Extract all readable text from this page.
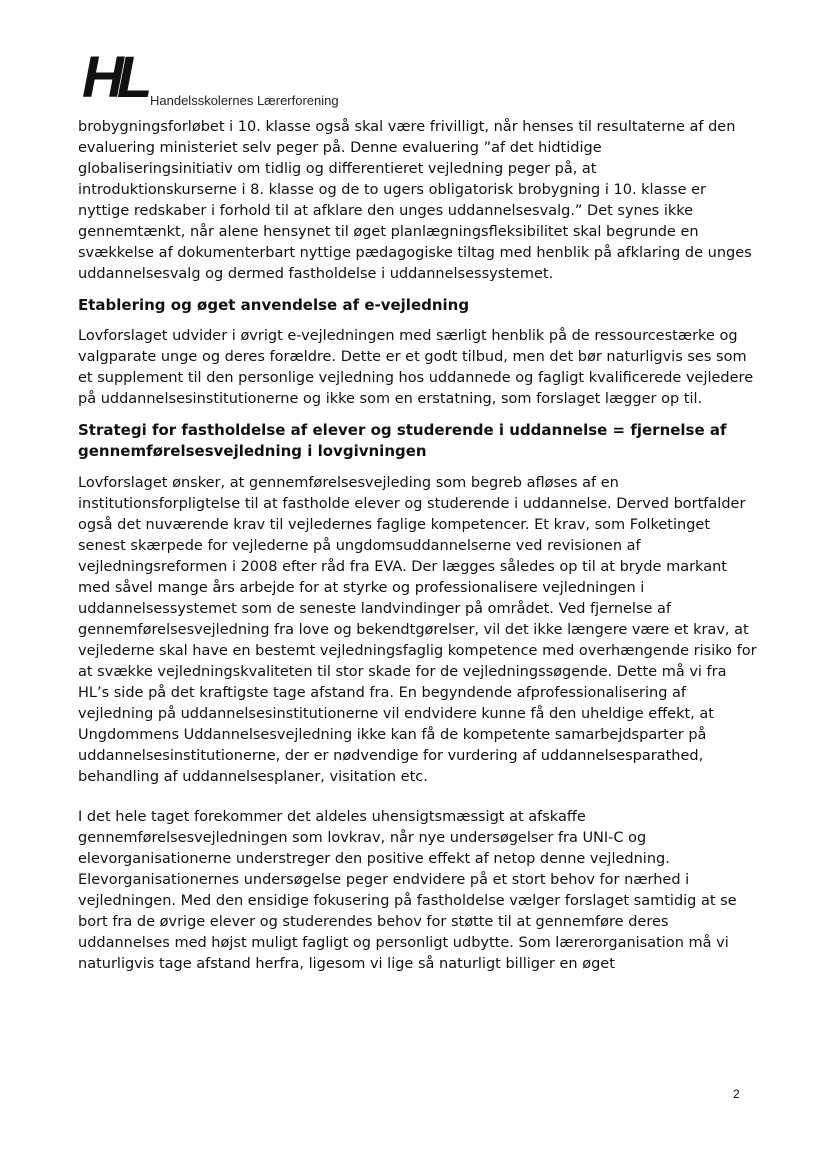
HL Handelsskolernes Lærerforening

brobygningsforløbet i 10. klasse også skal være frivilligt, når henses til resultaterne af den evaluering ministeriet selv peger på. Denne evaluering ”af det hidtidige globaliseringsinitiativ om tidlig og differentieret vejledning peger på, at introduktionskurserne i 8. klasse og de to ugers obligatorisk brobygning i 10. klasse er nyttige redskaber i forhold til at afklare den unges uddannelsesvalg.” Det synes ikke gennemtænkt, når alene hensynet til øget planlægningsfleksibilitet skal begrunde en svækkelse af dokumenterbart nyttige pædagogiske tiltag med henblik på afklaring de unges uddannelsesvalg og dermed fastholdelse i uddannelsessystemet.

Etablering og øget anvendelse af e-vejledning

Lovforslaget udvider i øvrigt e-vejledningen med særligt henblik på de ressourcestærke og valgparate unge og deres forældre. Dette er et godt tilbud, men det bør naturligvis ses som et supplement til den personlige vejledning hos uddannede og fagligt kvalificerede vejledere på uddannelsesinstitutionerne og ikke som en erstatning, som forslaget lægger op til.

Strategi for fastholdelse af elever og studerende i uddannelse = fjernelse af gennemførelsesvejledning i lovgivningen

Lovforslaget ønsker, at gennemførelsesvejleding som begreb afløses af en institutionsforpligtelse til at fastholde elever og studerende i uddannelse. Derved bortfalder også det nuværende krav til vejledernes faglige kompetencer. Et krav, som Folketinget senest skærpede for vejlederne på ungdomsuddannelserne ved revisionen af vejledningsreformen i 2008 efter råd fra EVA. Der lægges således op til at bryde markant med såvel mange års arbejde for at styrke og professionalisere vejledningen i uddannelsessystemet som de seneste landvindinger på området. Ved fjernelse af gennemførelsesvejledning fra love og bekendtgørelser, vil det ikke længere være et krav, at vejlederne skal have en bestemt vejledningsfaglig kompetence med overhængende risiko for at svække vejledningskvaliteten til stor skade for de vejledningssøgende. Dette må vi fra HL’s side på det kraftigste tage afstand fra. En begyndende afprofessionalisering af vejledning på uddannelsesinstitutionerne vil endvidere kunne få den uheldige effekt, at Ungdommens Uddannelsesvejledning ikke kan få de kompetente samarbejdsparter på uddannelsesinstitutionerne, der er nødvendige for vurdering af uddannelsesparathed, behandling af uddannelsesplaner, visitation etc.

I det hele taget forekommer det aldeles uhensigtsmæssigt at afskaffe gennemførelsesvejledningen som lovkrav, når nye undersøgelser fra UNI-C og elevorganisationerne understreger den positive effekt af netop denne vejledning. Elevorganisationernes undersøgelse peger endvidere på et stort behov for nærhed i vejledningen. Med den ensidige fokusering på fastholdelse vælger forslaget samtidig at se bort fra de øvrige elever og studerendes behov for støtte til at gennemføre deres uddannelses med højst muligt fagligt og personligt udbytte. Som lærerorganisation må vi naturligvis tage afstand herfra, ligesom vi lige så naturligt billiger en øget

2
